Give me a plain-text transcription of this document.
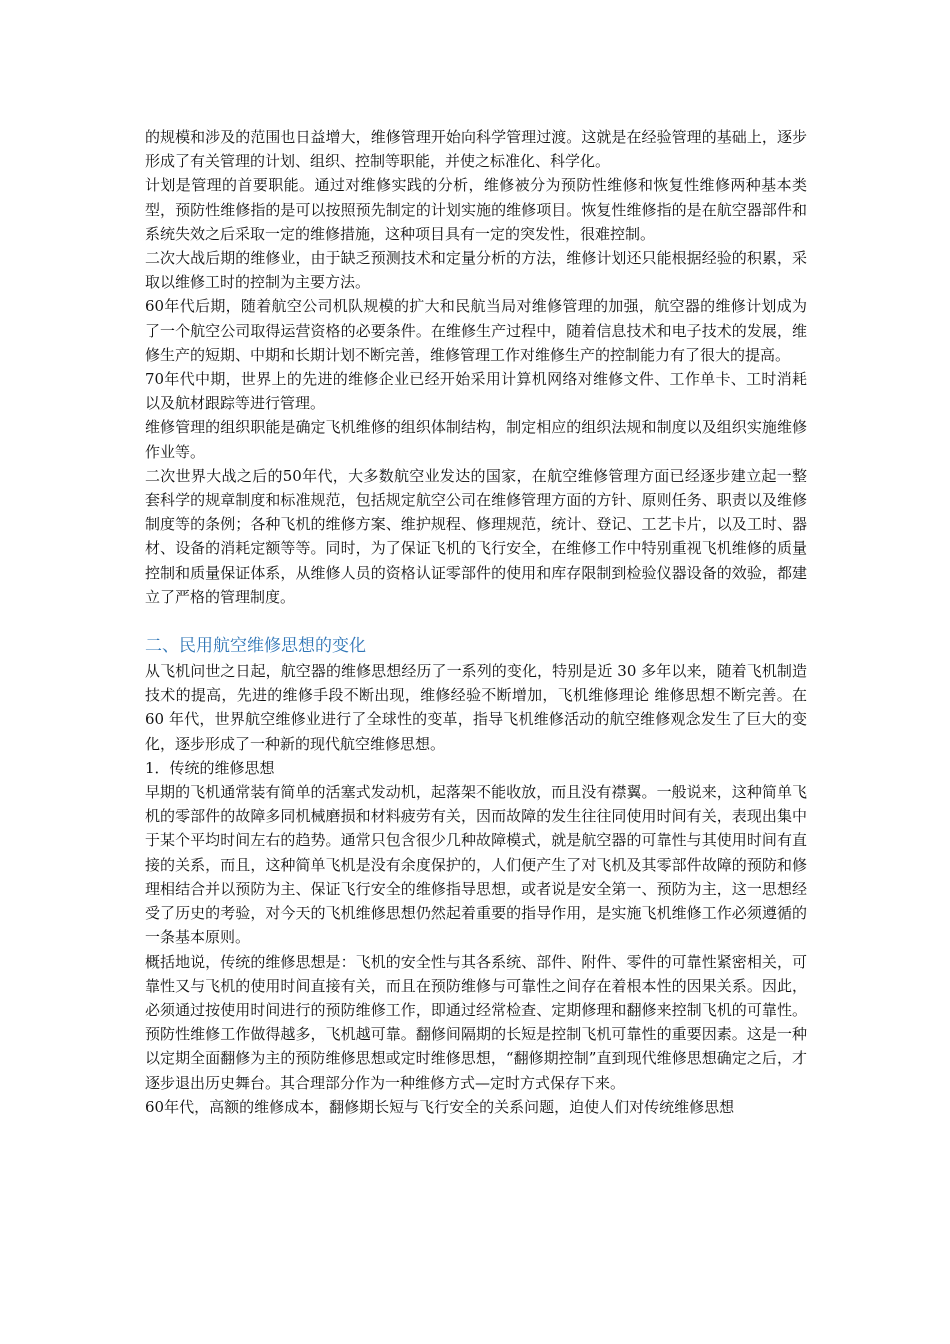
的规模和涉及的范围也日益增大，维修管理开始向科学管理过渡。这就是在经验管理的基础上，逐步形成了有关管理的计划、组织、控制等职能，并使之标准化、科学化。

计划是管理的首要职能。通过对维修实践的分析，维修被分为预防性维修和恢复性维修两种基本类型，预防性维修指的是可以按照预先制定的计划实施的维修项目。恢复性维修指的是在航空器部件和系统失效之后采取一定的维修措施，这种项目具有一定的突发性，很难控制。

二次大战后期的维修业，由于缺乏预测技术和定量分析的方法，维修计划还只能根据经验的积累，采取以维修工时的控制为主要方法。

60年代后期，随着航空公司机队规模的扩大和民航当局对维修管理的加强，航空器的维修计划成为了一个航空公司取得运营资格的必要条件。在维修生产过程中，随着信息技术和电子技术的发展，维修生产的短期、中期和长期计划不断完善，维修管理工作对维修生产的控制能力有了很大的提高。

70年代中期，世界上的先进的维修企业已经开始采用计算机网络对维修文件、工作单卡、工时消耗以及航材跟踪等进行管理。

维修管理的组织职能是确定飞机维修的组织体制结构，制定相应的组织法规和制度以及组织实施维修作业等。

二次世界大战之后的50年代，大多数航空业发达的国家，在航空维修管理方面已经逐步建立起一整套科学的规章制度和标准规范，包括规定航空公司在维修管理方面的方针、原则任务、职责以及维修制度等的条例；各种飞机的维修方案、维护规程、修理规范，统计、登记、工艺卡片，以及工时、器材、设备的消耗定额等等。同时，为了保证飞机的飞行安全，在维修工作中特别重视飞机维修的质量控制和质量保证体系，从维修人员的资格认证零部件的使用和库存限制到检验仪器设备的效验，都建立了严格的管理制度。

二、民用航空维修思想的变化

从飞机问世之日起，航空器的维修思想经历了一系列的变化，特别是近 30 多年以来，随着飞机制造技术的提高，先进的维修手段不断出现，维修经验不断增加，飞机维修理论 维修思想不断完善。在 60 年代，世界航空维修业进行了全球性的变革，指导飞机维修活动的航空维修观念发生了巨大的变化，逐步形成了一种新的现代航空维修思想。

1．传统的维修思想

早期的飞机通常装有简单的活塞式发动机，起落架不能收放，而且没有襟翼。一般说来，这种简单飞机的零部件的故障多同机械磨损和材料疲劳有关，因而故障的发生往往同使用时间有关，表现出集中于某个平均时间左右的趋势。通常只包含很少几种故障模式，就是航空器的可靠性与其使用时间有直接的关系，而且，这种简单飞机是没有余度保护的，人们便产生了对飞机及其零部件故障的预防和修理相结合并以预防为主、保证飞行安全的维修指导思想，或者说是安全第一、预防为主，这一思想经受了历史的考验，对今天的飞机维修思想仍然起着重要的指导作用，是实施飞机维修工作必须遵循的一条基本原则。

概括地说，传统的维修思想是：飞机的安全性与其各系统、部件、附件、零件的可靠性紧密相关，可靠性又与飞机的使用时间直接有关，而且在预防维修与可靠性之间存在着根本性的因果关系。因此，必须通过按使用时间进行的预防维修工作，即通过经常检查、定期修理和翻修来控制飞机的可靠性。预防性维修工作做得越多，飞机越可靠。翻修间隔期的长短是控制飞机可靠性的重要因素。这是一种以定期全面翻修为主的预防维修思想或定时维修思想，“翻修期控制”直到现代维修思想确定之后，才逐步退出历史舞台。其合理部分作为一种维修方式—定时方式保存下来。

60年代，高额的维修成本，翻修期长短与飞行安全的关系问题，迫使人们对传统维修思想
